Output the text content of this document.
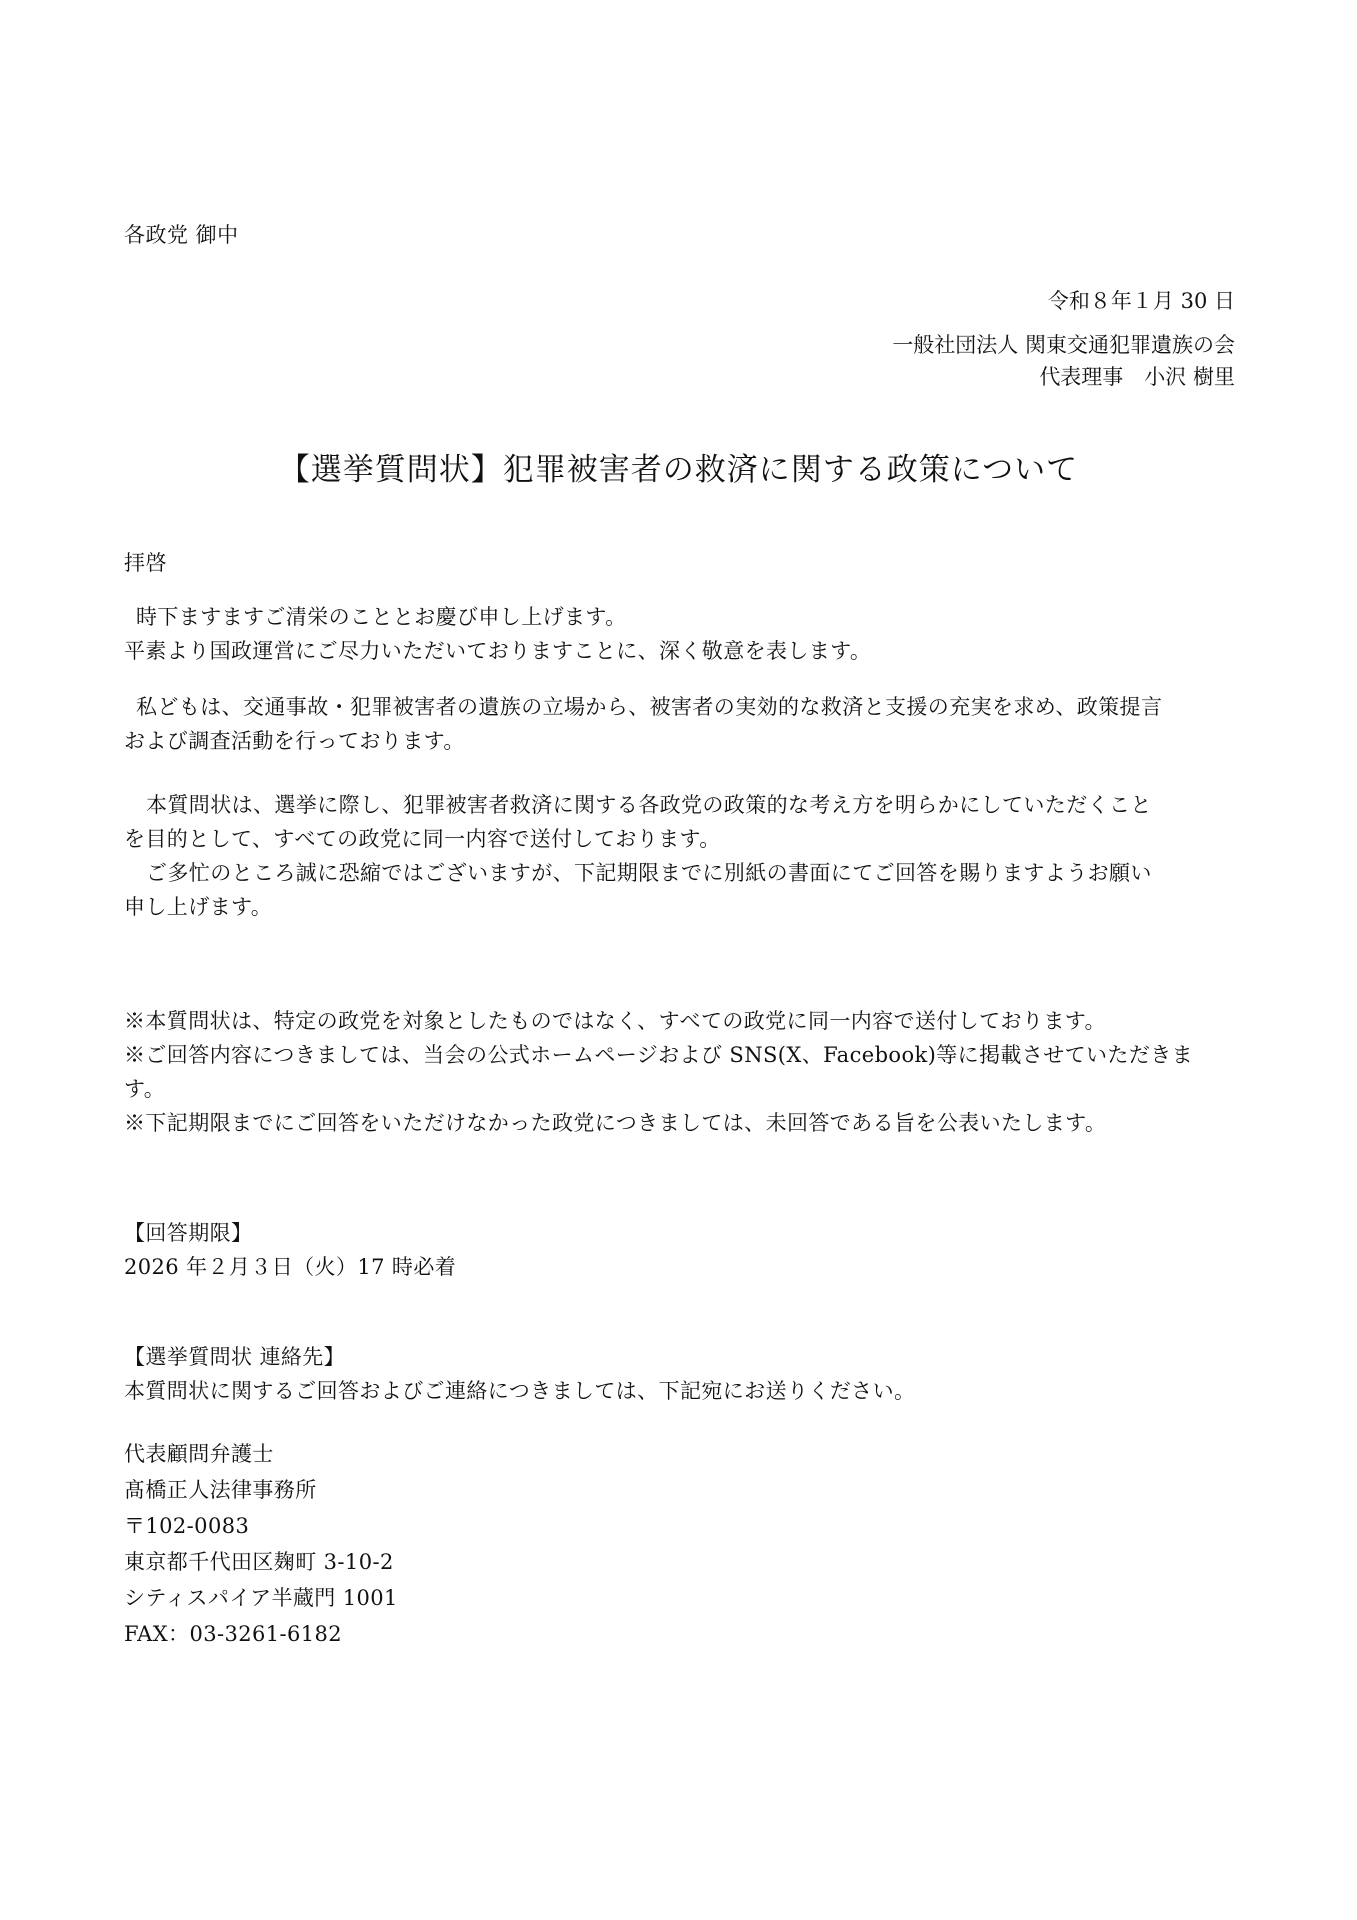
各政党 御中
令和８年１月 30 日
一般社団法人 関東交通犯罪遺族の会
代表理事　小沢 樹里
【選挙質問状】犯罪被害者の救済に関する政策について
拝啓
時下ますますご清栄のこととお慶び申し上げます。
平素より国政運営にご尽力いただいておりますことに、深く敬意を表します。
私どもは、交通事故・犯罪被害者の遺族の立場から、被害者の実効的な救済と支援の充実を求め、政策提言
および調査活動を行っております。
本質問状は、選挙に際し、犯罪被害者救済に関する各政党の政策的な考え方を明らかにしていただくこと
を目的として、すべての政党に同一内容で送付しております。
ご多忙のところ誠に恐縮ではございますが、下記期限までに別紙の書面にてご回答を賜りますようお願い
申し上げます。
※本質問状は、特定の政党を対象としたものではなく、すべての政党に同一内容で送付しております。
※ご回答内容につきましては、当会の公式ホームページおよび SNS(X、Facebook)等に掲載させていただきま
す。
※下記期限までにご回答をいただけなかった政党につきましては、未回答である旨を公表いたします。
【回答期限】
2026 年２月３日（火）17 時必着
【選挙質問状 連絡先】
本質問状に関するご回答およびご連絡につきましては、下記宛にお送りください。
代表顧問弁護士
髙橋正人法律事務所
〒102-0083
東京都千代田区麹町 3-10-2
シティスパイア半蔵門 1001
FAX：03-3261-6182
